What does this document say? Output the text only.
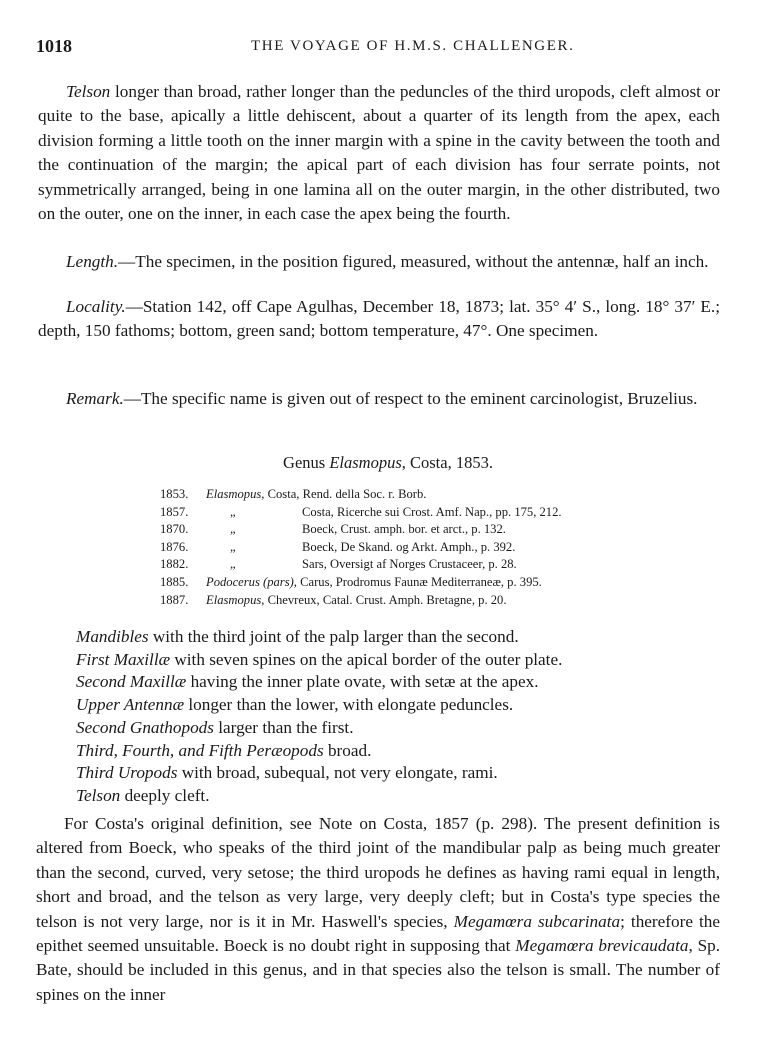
1018	THE VOYAGE OF H.M.S. CHALLENGER.

Telson longer than broad, rather longer than the peduncles of the third uropods, cleft almost or quite to the base, apically a little dehiscent, about a quarter of its length from the apex, each division forming a little tooth on the inner margin with a spine in the cavity between the tooth and the continuation of the margin; the apical part of each division has four serrate points, not symmetrically arranged, being in one lamina all on the outer margin, in the other distributed, two on the outer, one on the inner, in each case the apex being the fourth.

Length.—The specimen, in the position figured, measured, without the antennæ, half an inch.

Locality.—Station 142, off Cape Agulhas, December 18, 1873; lat. 35° 4′ S., long. 18° 37′ E.; depth, 150 fathoms; bottom, green sand; bottom temperature, 47°. One specimen.

Remark.—The specific name is given out of respect to the eminent carcinologist, Bruzelius.

Genus Elasmopus, Costa, 1853.
1853.	Elasmopus, Costa, Rend. della Soc. r. Borb.	
1857.	„	Costa, Ricerche sui Crost. Amf. Nap., pp. 175, 212.
1870.	„	Boeck, Crust. amph. bor. et arct., p. 132.
1876.	„	Boeck, De Skand. og Arkt. Amph., p. 392.
1882.	„	Sars, Oversigt af Norges Crustaceer, p. 28.
1885.	Podocerus (pars), Carus, Prodromus Faunæ Mediterraneæ, p. 395.	
1887.	Elasmopus, Chevreux, Catal. Crust. Amph. Bretagne, p. 20.	
Mandibles with the third joint of the palp larger than the second.
First Maxillæ with seven spines on the apical border of the outer plate.
Second Maxillæ having the inner plate ovate, with setæ at the apex.
Upper Antennæ longer than the lower, with elongate peduncles.
Second Gnathopods larger than the first.
Third, Fourth, and Fifth Peræopods broad.
Third Uropods with broad, subequal, not very elongate, rami.
Telson deeply cleft.

For Costa's original definition, see Note on Costa, 1857 (p. 298). The present definition is altered from Boeck, who speaks of the third joint of the mandibular palp as being much greater than the second, curved, very setose; the third uropods he defines as having rami equal in length, short and broad, and the telson as very large, very deeply cleft; but in Costa's type species the telson is not very large, nor is it in Mr. Haswell's species, Megamœra subcarinata; therefore the epithet seemed unsuitable. Boeck is no doubt right in supposing that Megamœra brevicaudata, Sp. Bate, should be included in this genus, and in that species also the telson is small. The number of spines on the inner
